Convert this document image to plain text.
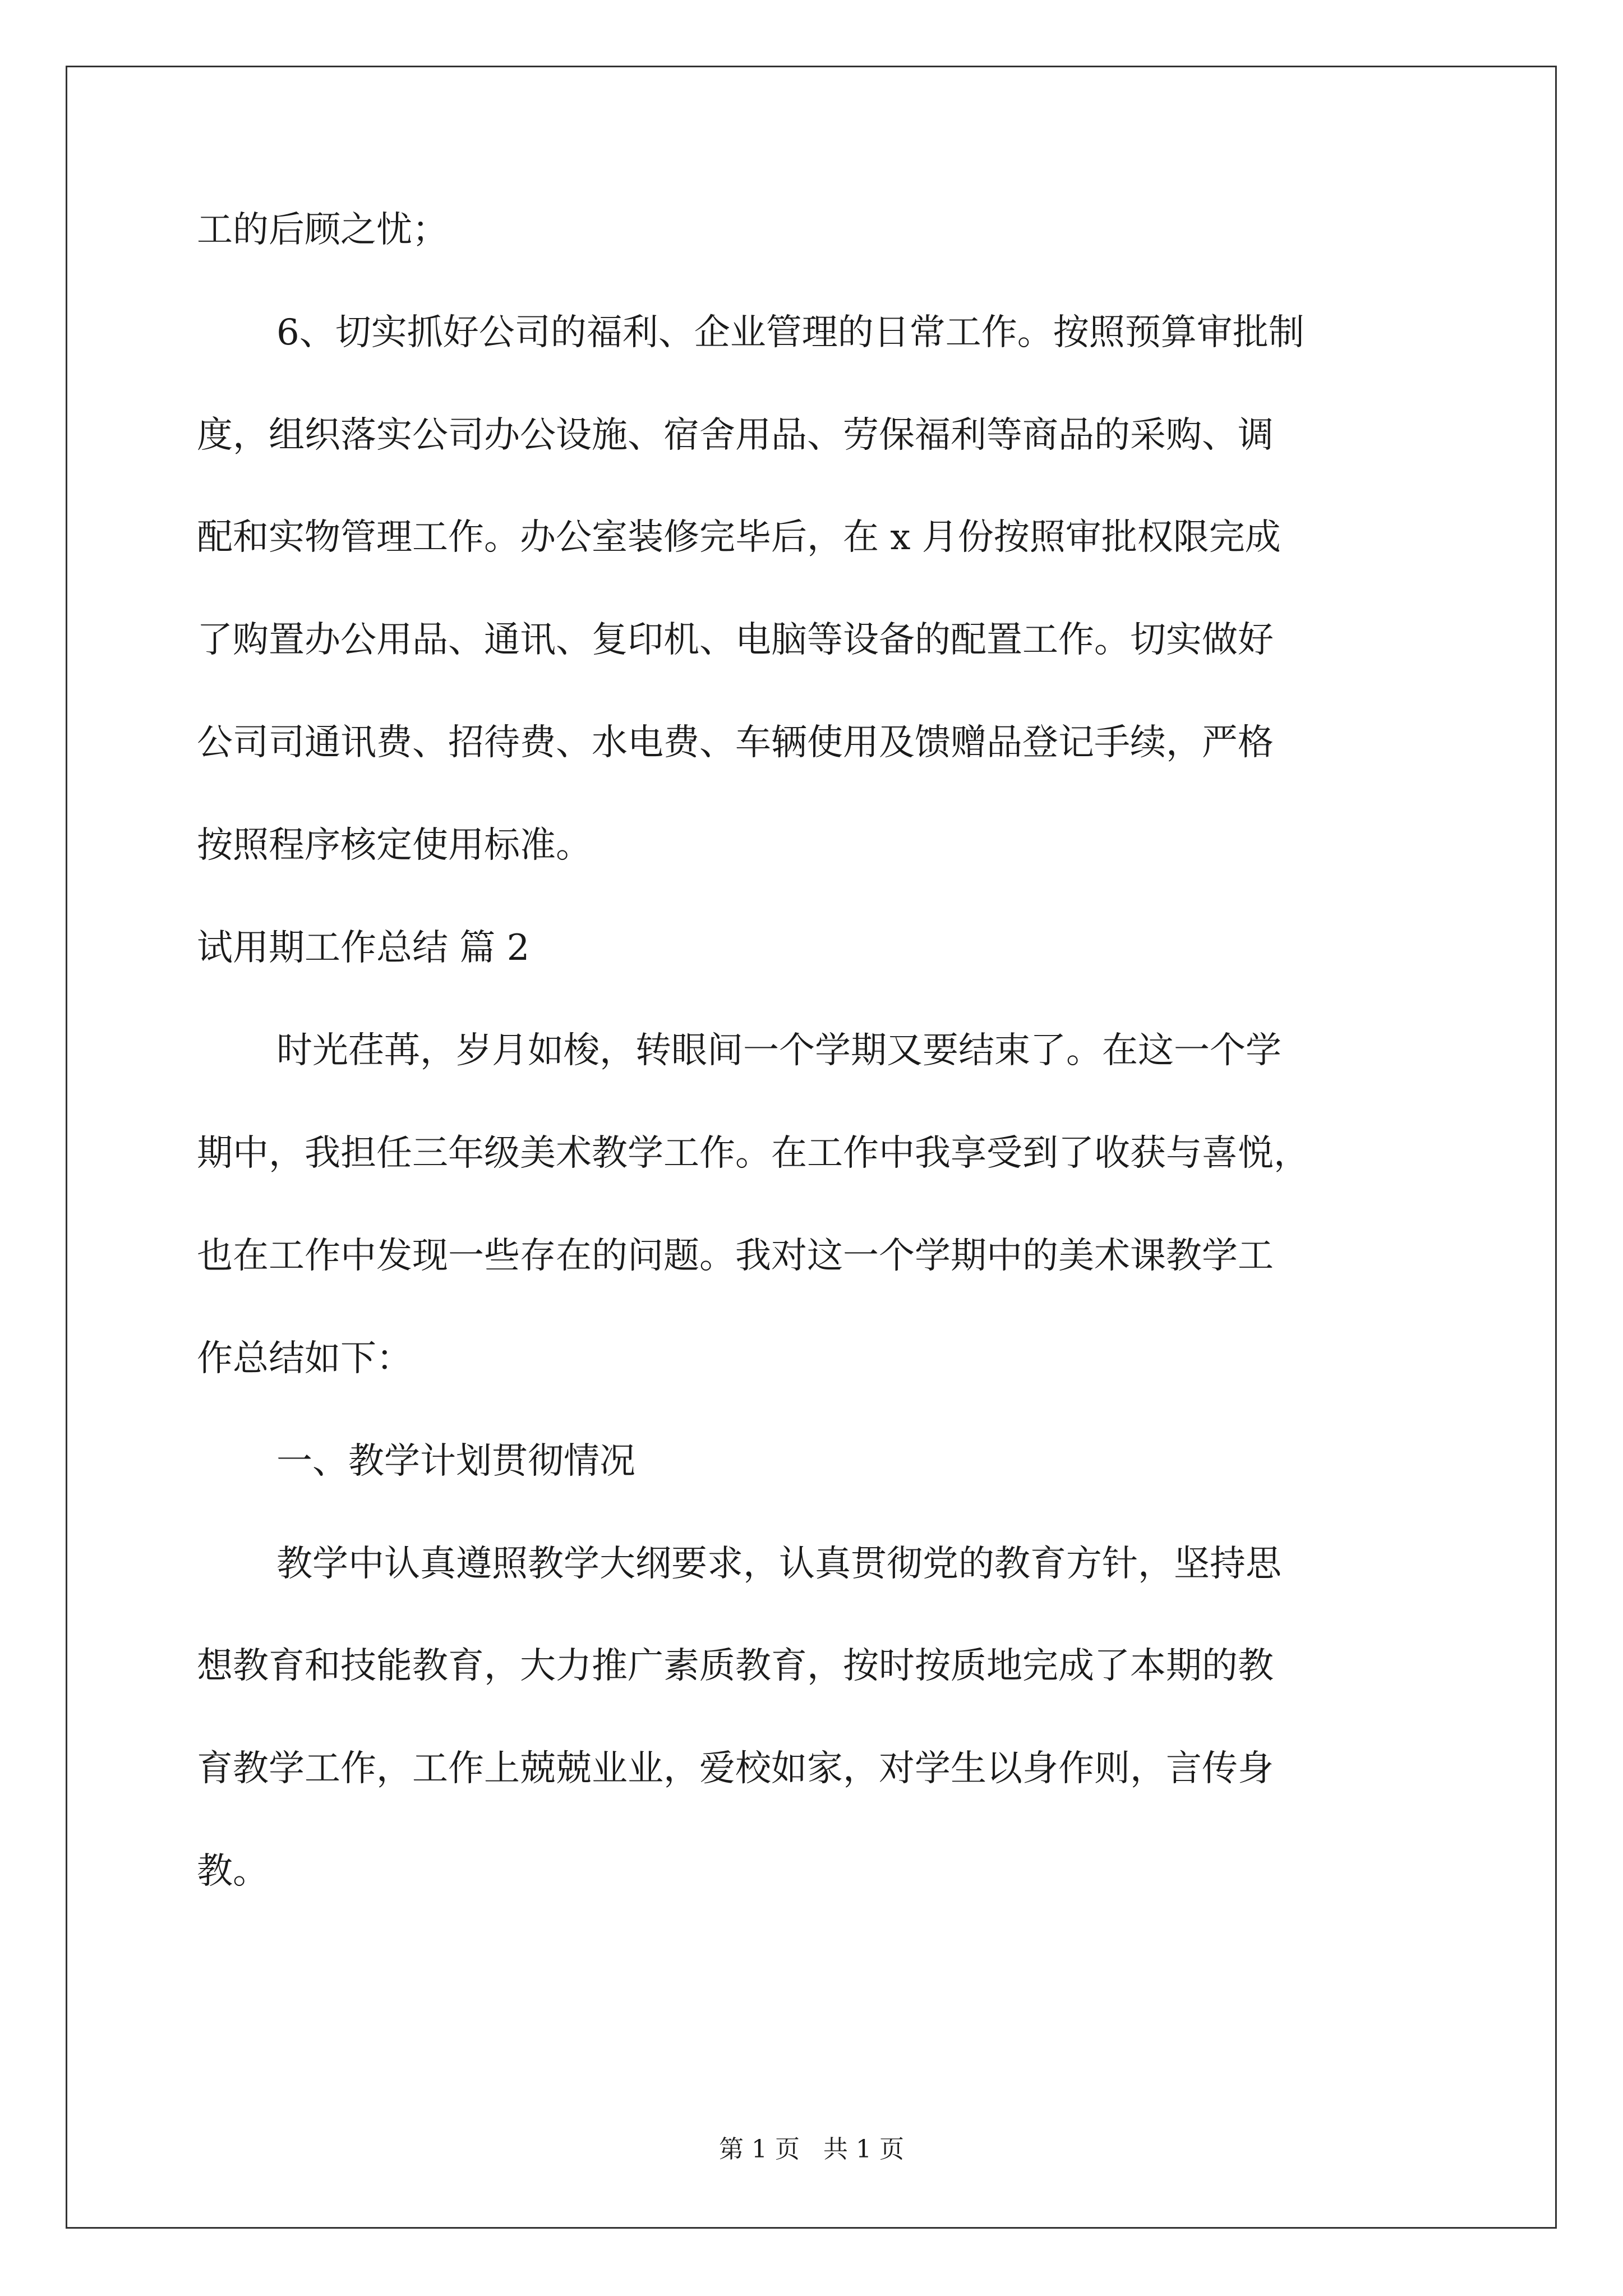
工的后顾之忧；
6、切实抓好公司的福利、企业管理的日常工作。按照预算审批制
度，组织落实公司办公设施、宿舍用品、劳保福利等商品的采购、调
配和实物管理工作。办公室装修完毕后，在 x 月份按照审批权限完成
了购置办公用品、通讯、复印机、电脑等设备的配置工作。切实做好
公司司通讯费、招待费、水电费、车辆使用及馈赠品登记手续，严格
按照程序核定使用标准。
试用期工作总结 篇 2
时光荏苒，岁月如梭，转眼间一个学期又要结束了。在这一个学
期中，我担任三年级美术教学工作。在工作中我享受到了收获与喜悦，
也在工作中发现一些存在的问题。我对这一个学期中的美术课教学工
作总结如下：
一、教学计划贯彻情况
教学中认真遵照教学大纲要求，认真贯彻党的教育方针，坚持思
想教育和技能教育，大力推广素质教育，按时按质地完成了本期的教
育教学工作，工作上兢兢业业，爱校如家，对学生以身作则，言传身
教。
第 1 页   共 1 页
